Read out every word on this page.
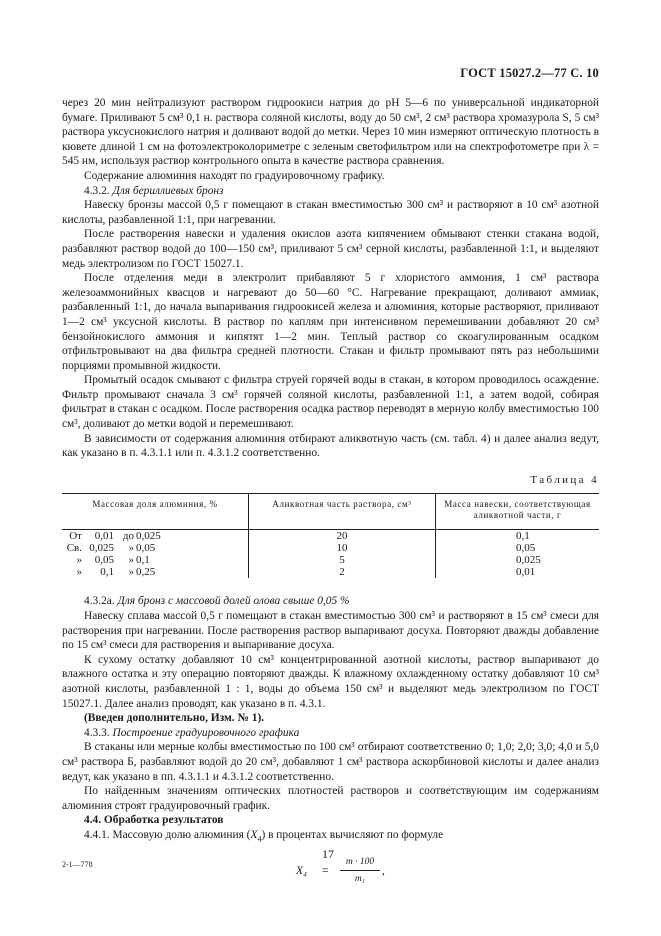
ГОСТ 15027.2—77 С. 10

через 20 мин нейтрализуют раствором гидроокиси натрия до pH 5—6 по универсальной индикаторной бумаге. Приливают 5 см³ 0,1 н. раствора соляной кислоты, воду до 50 см³, 2 см³ раствора хромазурола S, 5 см³ раствора уксуснокислого натрия и доливают водой до метки. Через 10 мин измеряют оптическую плотность в кювете длиной 1 см на фотоэлектроколориметре с зеленым светофильтром или на спектрофотометре при λ = 545 нм, используя раствор контрольного опыта в качестве раствора сравнения.

Содержание алюминия находят по градуировочному графику.

4.3.2. Для бериллиевых бронз

Навеску бронзы массой 0,5 г помещают в стакан вместимостью 300 см³ и растворяют в 10 см³ азотной кислоты, разбавленной 1:1, при нагревании.

После растворения навески и удаления окислов азота кипячением обмывают стенки стакана водой, разбавляют раствор водой до 100—150 см³, приливают 5 см³ серной кислоты, разбавленной 1:1, и выделяют медь электролизом по ГОСТ 15027.1.

После отделения меди в электролит прибавляют 5 г хлористого аммония, 1 см³ раствора железоаммонийных квасцов и нагревают до 50—60 °С. Нагревание прекращают, доливают аммиак, разбавленный 1:1, до начала выпаривания гидроокисей железа и алюминия, которые растворяют, приливают 1—2 см³ уксусной кислоты. В раствор по каплям при интенсивном перемешивании добавляют 20 см³ бензойнокислого аммония и кипятят 1—2 мин. Теплый раствор со скоагулированным осадком отфильтровывают на два фильтра средней плотности. Стакан и фильтр промывают пять раз небольшими порциями промывной жидкости.

Промытый осадок смывают с фильтра струей горячей воды в стакан, в котором проводилось осаждение. Фильтр промывают сначала 3 см³ горячей соляной кислоты, разбавленной 1:1, а затем водой, собирая фильтрат в стакан с осадком. После растворения осадка раствор переводят в мерную колбу вместимостью 100 см³, доливают до метки водой и перемешивают.

В зависимости от содержания алюминия отбирают аликвотную часть (см. табл. 4) и далее анализ ведут, как указано в п. 4.3.1.1 или п. 4.3.1.2 соответственно.

Таблица 4
Массовая доля алюминия, %	Аликвотная часть раствора, см³	Масса навески, соответствующая аликвотной части, г
От 0,01 до 0,025	20	0,1
Св. 0,025 » 0,05	10	0,05
» 0,05 » 0,1	5	0,025
» 0,1 » 0,25	2	0,01

4.3.2а. Для бронз с массовой долей олова свыше 0,05 %

Навеску сплава массой 0,5 г помещают в стакан вместимостью 300 см³ и растворяют в 15 см³ смеси для растворения при нагревании. После растворения раствор выпаривают досуха. Повторяют дважды добавление по 15 см³ смеси для растворения и выпаривание досуха.

К сухому остатку добавляют 10 см³ концентрированной азотной кислоты, раствор выпаривают до влажного остатка и эту операцию повторяют дважды. К влажному охлажденному остатку добавляют 10 см³ азотной кислоты, разбавленной 1 : 1, воды до объема 150 см³ и выделяют медь электролизом по ГОСТ 15027.1. Далее анализ проводят, как указано в п. 4.3.1.

(Введен дополнительно, Изм. № 1).

4.3.3. Построение градуировочного графика

В стаканы или мерные колбы вместимостью по 100 см³ отбирают соответственно 0; 1,0; 2,0; 3,0; 4,0 и 5,0 см³ раствора Б, разбавляют водой до 20 см³, добавляют 1 см³ раствора аскорбиновой кислоты и далее анализ ведут, как указано в пп. 4.3.1.1 и 4.3.1.2 соответственно.

По найденным значениям оптических плотностей растворов и соответствующим им содержаниям алюминия строят градуировочный график.

4.4. Обработка результатов

4.4.1. Массовую долю алюминия $(X_4)$ в процентах вычисляют по формуле

$X_4 = \frac{m \cdot 100}{\text{m₁}}$ ,
17
2-1—778
